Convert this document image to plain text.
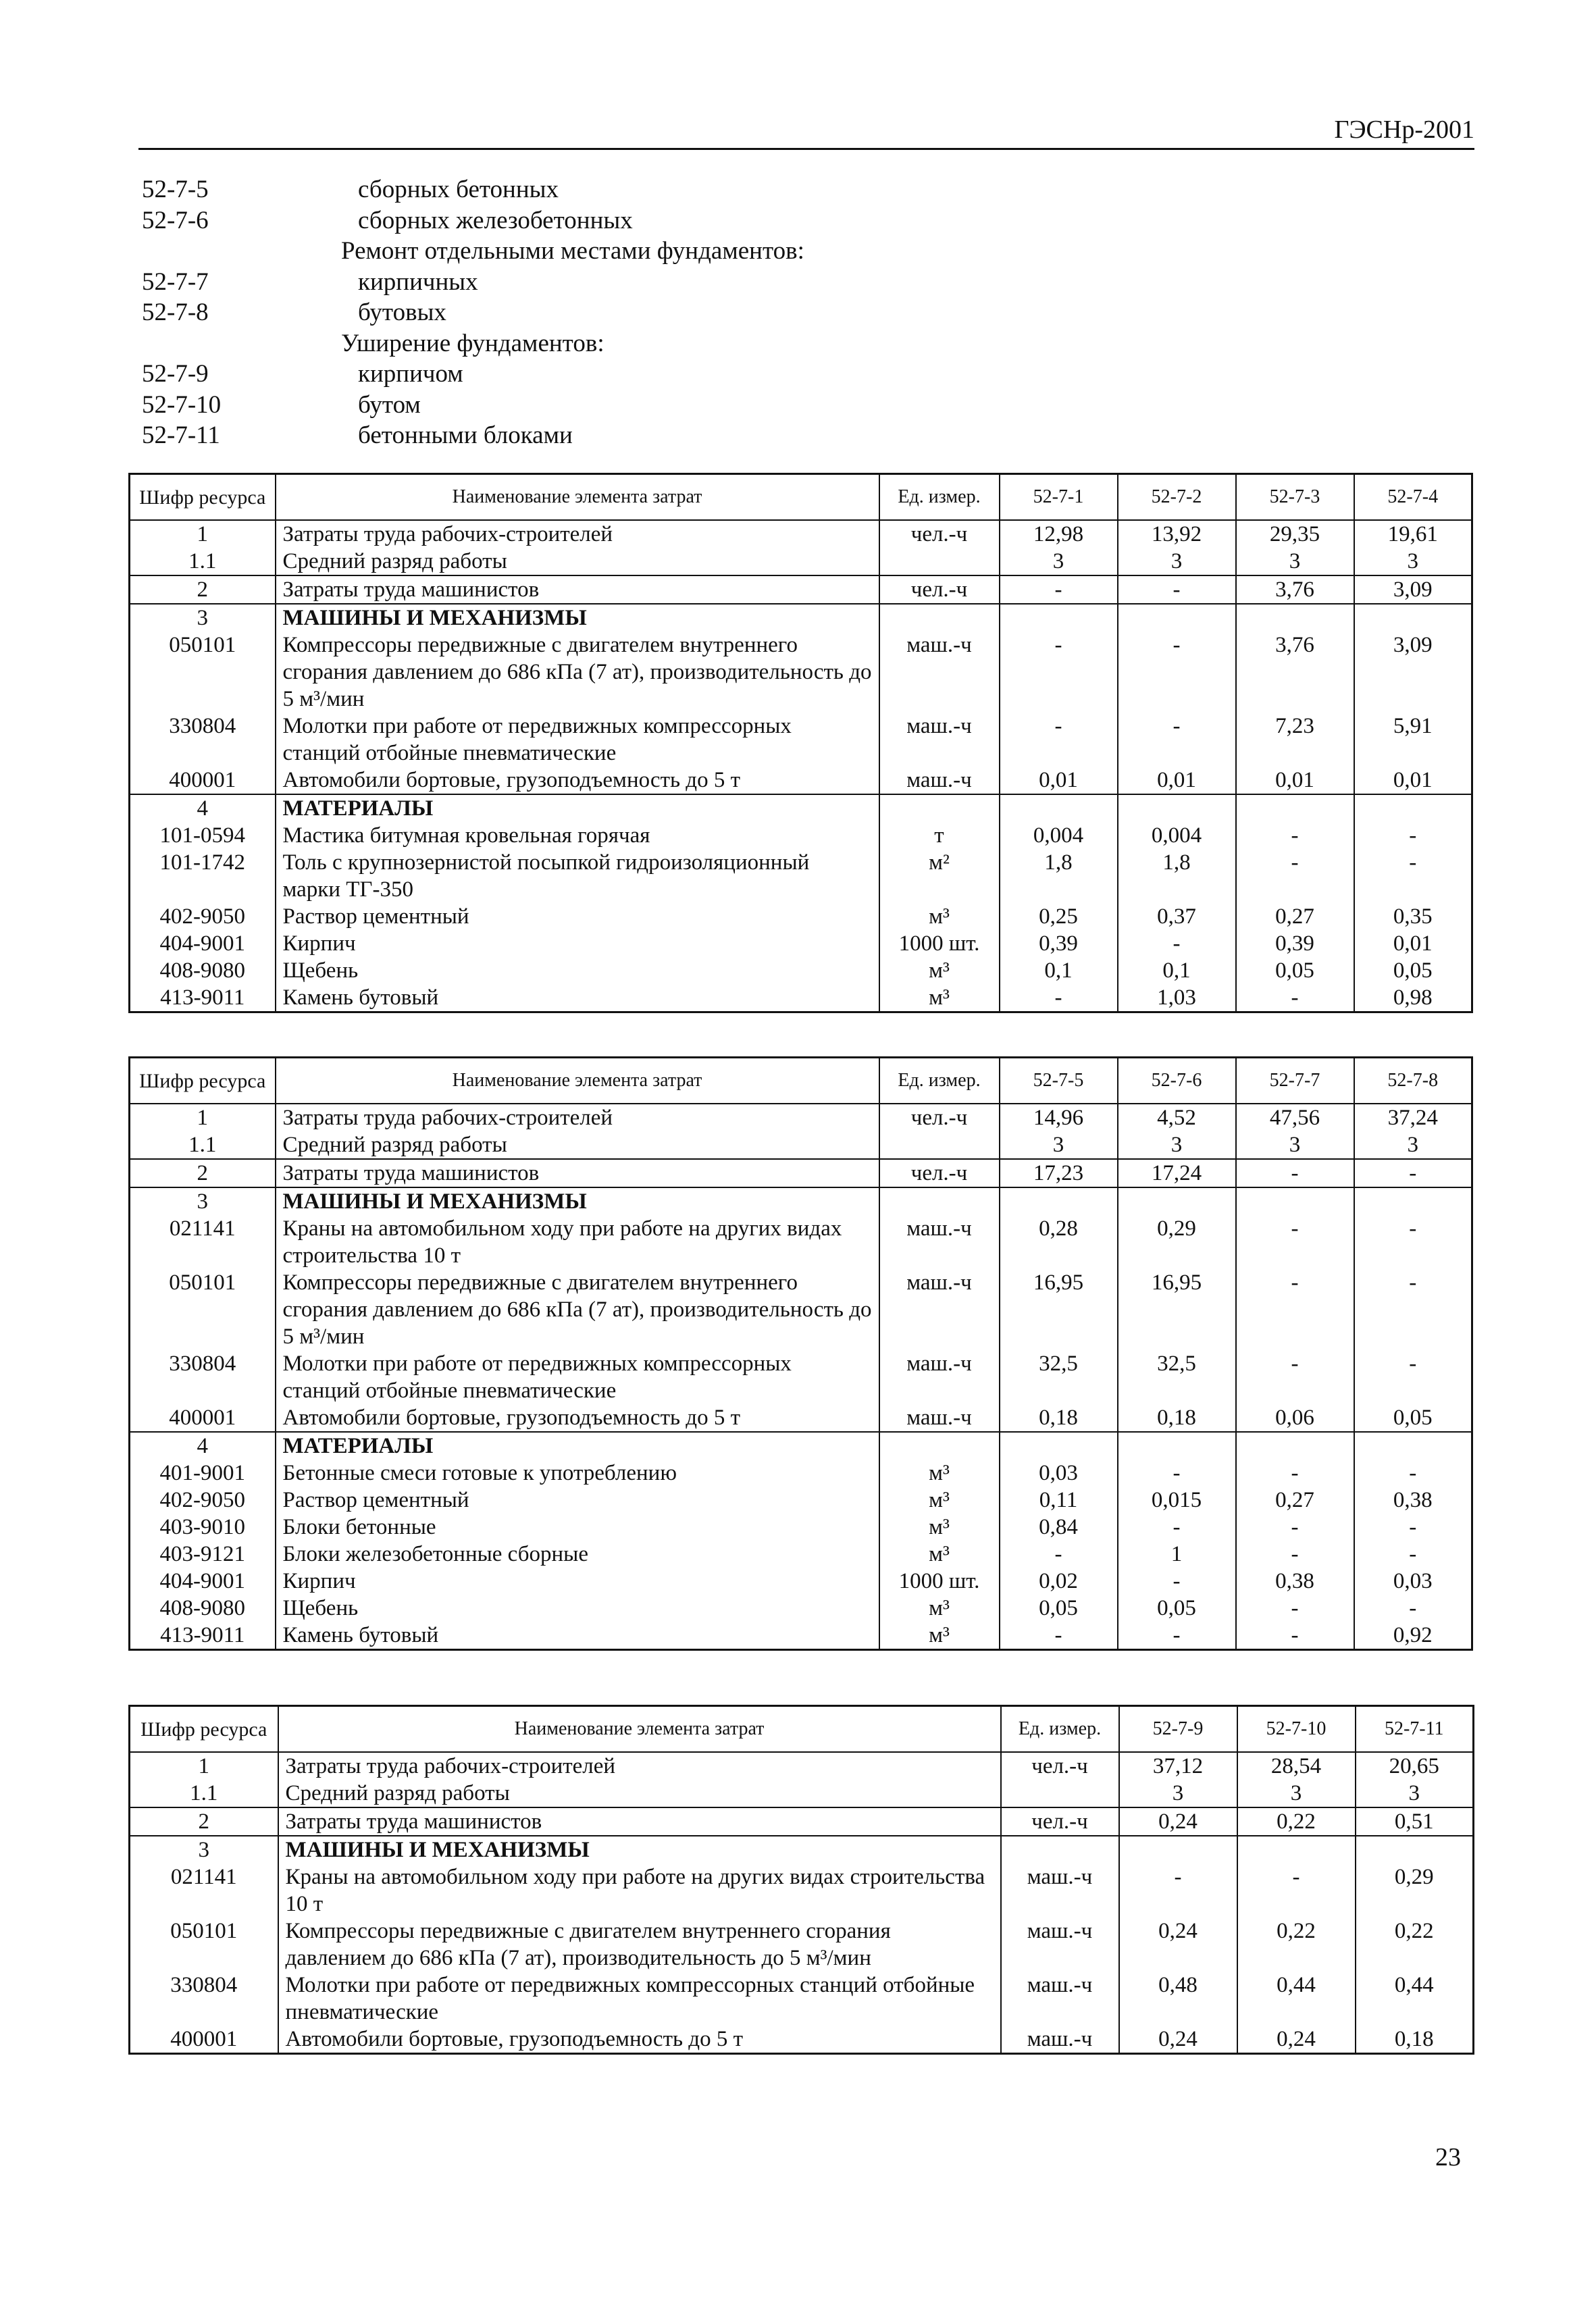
ГЭСНр-2001
52-7-5	сборных бетонных
52-7-6	сборных железобетонных
Ремонт отдельными местами фундаментов:
52-7-7	кирпичных
52-7-8	бутовых
Уширение фундаментов:
52-7-9	кирпичом
52-7-10	бутом
52-7-11	бетонными блоками
Шифр ресурса	Наименование элемента затрат	Ед. измер.	52-7-1	52-7-2	52-7-3	52-7-4
1	Затраты труда рабочих-строителей	чел.-ч	12,98	13,92	29,35	19,61
1.1	Средний разряд работы		3	3	3	3
2	Затраты труда машинистов	чел.-ч	-	-	3,76	3,09
3	МАШИНЫ И МЕХАНИЗМЫ					
050101	Компрессоры передвижные с двигателем внутреннего сгорания давлением до 686 кПа (7 ат), производительность до 5 м³/мин	маш.-ч	-	-	3,76	3,09
330804	Молотки при работе от передвижных компрессорных станций отбойные пневматические	маш.-ч	-	-	7,23	5,91
400001	Автомобили бортовые, грузоподъемность до 5 т	маш.-ч	0,01	0,01	0,01	0,01
4	МАТЕРИАЛЫ					
101-0594	Мастика битумная кровельная горячая	т	0,004	0,004	-	-
101-1742	Толь с крупнозернистой посыпкой гидроизоляционный марки ТГ-350	м²	1,8	1,8	-	-
402-9050	Раствор цементный	м³	0,25	0,37	0,27	0,35
404-9001	Кирпич	1000 шт.	0,39	-	0,39	0,01
408-9080	Щебень	м³	0,1	0,1	0,05	0,05
413-9011	Камень бутовый	м³	-	1,03	-	0,98
Шифр ресурса	Наименование элемента затрат	Ед. измер.	52-7-5	52-7-6	52-7-7	52-7-8
1	Затраты труда рабочих-строителей	чел.-ч	14,96	4,52	47,56	37,24
1.1	Средний разряд работы		3	3	3	3
2	Затраты труда машинистов	чел.-ч	17,23	17,24	-	-
3	МАШИНЫ И МЕХАНИЗМЫ					
021141	Краны на автомобильном ходу при работе на других видах строительства 10 т	маш.-ч	0,28	0,29	-	-
050101	Компрессоры передвижные с двигателем внутреннего сгорания давлением до 686 кПа (7 ат), производительность до 5 м³/мин	маш.-ч	16,95	16,95	-	-
330804	Молотки при работе от передвижных компрессорных станций отбойные пневматические	маш.-ч	32,5	32,5	-	-
400001	Автомобили бортовые, грузоподъемность до 5 т	маш.-ч	0,18	0,18	0,06	0,05
4	МАТЕРИАЛЫ					
401-9001	Бетонные смеси готовые к употреблению	м³	0,03	-	-	-
402-9050	Раствор цементный	м³	0,11	0,015	0,27	0,38
403-9010	Блоки бетонные	м³	0,84	-	-	-
403-9121	Блоки железобетонные сборные	м³	-	1	-	-
404-9001	Кирпич	1000 шт.	0,02	-	0,38	0,03
408-9080	Щебень	м³	0,05	0,05	-	-
413-9011	Камень бутовый	м³	-	-	-	0,92
Шифр ресурса	Наименование элемента затрат	Ед. измер.	52-7-9	52-7-10	52-7-11
1	Затраты труда рабочих-строителей	чел.-ч	37,12	28,54	20,65
1.1	Средний разряд работы		3	3	3
2	Затраты труда машинистов	чел.-ч	0,24	0,22	0,51
3	МАШИНЫ И МЕХАНИЗМЫ				
021141	Краны на автомобильном ходу при работе на других видах строительства 10 т	маш.-ч	-	-	0,29
050101	Компрессоры передвижные с двигателем внутреннего сгорания давлением до 686 кПа (7 ат), производительность до 5 м³/мин	маш.-ч	0,24	0,22	0,22
330804	Молотки при работе от передвижных компрессорных станций отбойные пневматические	маш.-ч	0,48	0,44	0,44
400001	Автомобили бортовые, грузоподъемность до 5 т	маш.-ч	0,24	0,24	0,18
23
